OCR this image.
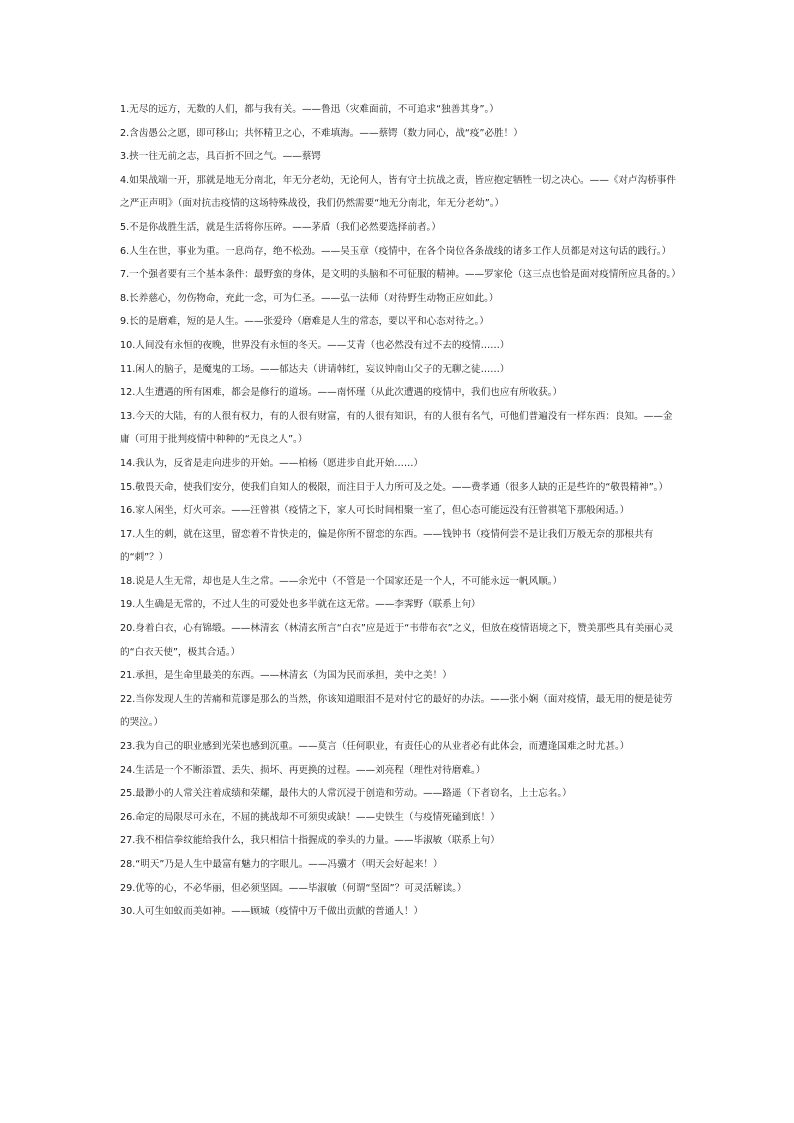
1.无尽的远方，无数的人们，都与我有关。——鲁迅（灾难面前，不可追求“独善其身”。）

2.含齿愚公之愿，即可移山；共怀精卫之心，不难填海。——蔡锷（数力同心，战“疫”必胜！）

3.挟一往无前之志，具百折不回之气。——蔡锷

4.如果战端一开，那就是地无分南北，年无分老幼，无论何人，皆有守土抗战之责，皆应抱定牺牲一切之决心。——《对卢沟桥事件之严正声明》（面对抗击疫情的这场特殊战役，我们仍然需要“地无分南北，年无分老幼”。）

5.不是你战胜生活，就是生活将你压碎。——茅盾（我们必然要选择前者。）

6.人生在世，事业为重。一息尚存，绝不松劲。——吴玉章（疫情中，在各个岗位各条战线的诸多工作人员都是对这句话的践行。）

7.一个强者要有三个基本条件：最野蛮的身体，是文明的头脑和不可征服的精神。——罗家伦（这三点也恰是面对疫情所应具备的。）

8.长养慈心，勿伤物命，充此一念，可为仁圣。——弘一法师（对待野生动物正应如此。）

9.长的是磨难，短的是人生。——张爱玲（磨难是人生的常态，要以平和心态对待之。）

10.人间没有永恒的夜晚，世界没有永恒的冬天。——艾青（也必然没有过不去的疫情……）

11.闲人的脑子，是魔鬼的工场。——郁达夫（讲请韩红，妄议钟南山父子的无聊之徒……）

12.人生遭遇的所有困难，都会是修行的道场。——南怀瑾（从此次遭遇的疫情中，我们也应有所收获。）

13.今天的大陆，有的人很有权力，有的人很有财富，有的人很有知识，有的人很有名气，可他们普遍没有一样东西：良知。——金庸（可用于批判疫情中种种的“无良之人”。）

14.我认为，反省是走向进步的开始。——柏杨（愿进步自此开始……）

15.敬畏天命，使我们安分，使我们自知人的极限，而注目于人力所可及之处。——费孝通（很多人缺的正是些许的“敬畏精神”。）

16.家人闲坐，灯火可亲。——汪曾祺（疫情之下，家人可长时间相聚一室了，但心态可能远没有汪曾祺笔下那般闲适。）

17.人生的刺，就在这里，留恋着不肯快走的，偏是你所不留恋的东西。——钱钟书（疫情何尝不是让我们万般无奈的那根共有的“刺”？）

18.说是人生无常，却也是人生之常。——余光中（不管是一个国家还是一个人，不可能永远一帆风顺。）

19.人生确是无常的，不过人生的可爱处也多半就在这无常。——李霁野（联系上句）

20.身着白衣，心有锦缎。——林清玄（林清玄所言“白衣”应是近于“韦带布衣”之义，但放在疫情语境之下，赞美那些具有美丽心灵的“白衣天使”，极其合适。）

21.承担，是生命里最美的东西。——林清玄（为国为民而承担，美中之美！）

22.当你发现人生的苦痛和荒谬是那么的当然，你该知道眼泪不是对付它的最好的办法。——张小娴（面对疫情，最无用的便是徒劳的哭泣。）

23.我为自己的职业感到光荣也感到沉重。——莫言（任何职业，有责任心的从业者必有此体会，而遭逢国难之时尤甚。）

24.生活是一个不断添置、丢失、损坏、再更换的过程。——刘亮程（理性对待磨难。）

25.最渺小的人常关注着成绩和荣耀，最伟大的人常沉浸于创造和劳动。——路遥（下者窃名，上士忘名。）

26.命定的局限尽可永在，不屈的挑战却不可须臾或缺！——史铁生（与疫情死磕到底！）

27.我不相信拳纹能给我什么，我只相信十指握成的拳头的力量。——毕淑敏（联系上句）

28.“明天”乃是人生中最富有魅力的字眼儿。——冯骥才（明天会好起来！）

29.优等的心，不必华丽，但必须坚固。——毕淑敏（何谓“坚固”？可灵活解读。）

30.人可生如蚁而美如神。——顾城（疫情中万千做出贡献的普通人！）
